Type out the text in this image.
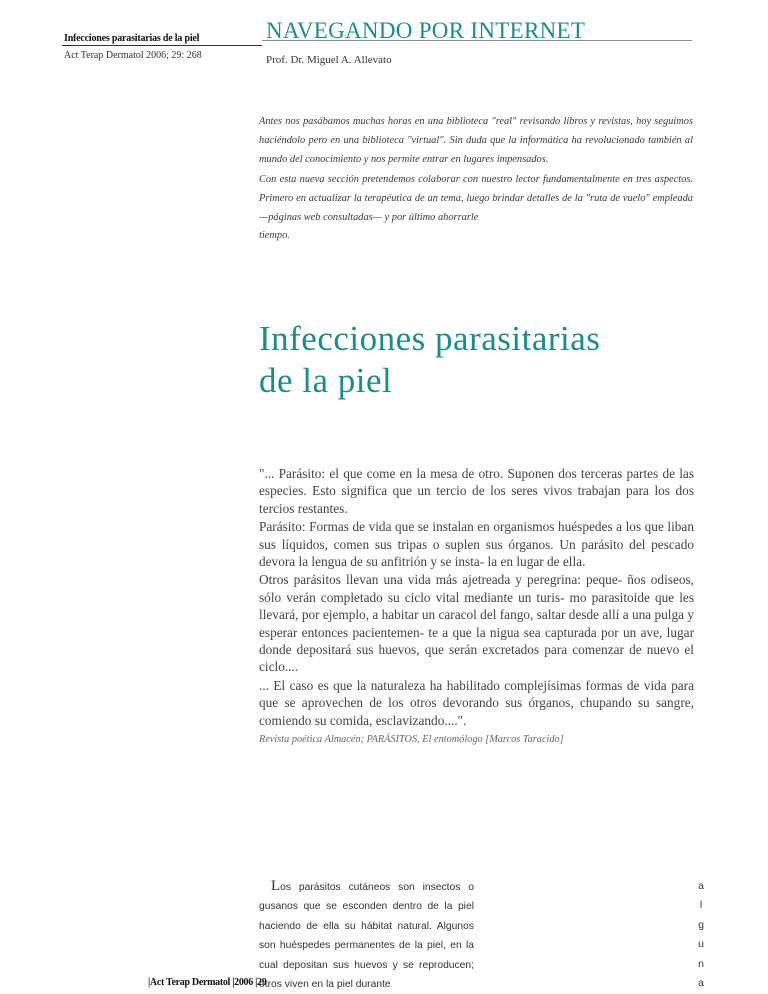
Infecciones parasitarias de la piel
Act Terap Dermatol 2006; 29: 268
NAVEGANDO POR INTERNET
Prof. Dr. Miguel A. Allevato

Antes nos pasábamos muchas horas en una biblioteca "real" revisando libros y revistas, hoy seguimos haciéndolo pero en una biblioteca "virtual". Sin duda que la informática ha revolucionado también al mundo del conocimiento y nos permite entrar en lugares impensados.

Con esta nueva sección pretendemos colaborar con nuestro lector fundamentalmente en tres aspectos. Primero en actualizar la terapéutica de un tema, luego brindar detalles de la "ruta de vuelo" empleada —páginas web consultadas— y por último ahorrarle

tiempo.

Infecciones parasitarias
de la piel

"... Parásito: el que come en la mesa de otro. Suponen dos terceras partes de las especies. Esto significa que un tercio de los seres vivos trabajan para los dos tercios restantes.

Parásito: Formas de vida que se instalan en organismos huéspedes a los que liban sus líquidos, comen sus tripas o suplen sus órganos. Un parásito del pescado devora la lengua de su anfitrión y se insta- la en lugar de ella.

Otros parásitos llevan una vida más ajetreada y peregrina: peque- ños odiseos, sólo verán completado su ciclo vital mediante un turis- mo parasitoide que les llevará, por ejemplo, a habitar un caracol del fango, saltar desde allí a una pulga y esperar entonces pacientemen- te a que la nigua sea capturada por un ave, lugar donde depositará sus huevos, que serán excretados para comenzar de nuevo el ciclo....

... El caso es que la naturaleza ha habilitado complejísimas formas de vida para que se aprovechen de los otros devorando sus órganos, chupando su sangre, comiendo su comida, esclavizando....".

Revista poética Almacén; PARÁSITOS, El entomólogo [Marcos Taracido]

Los parásitos cutáneos son insectos o gusanos que se esconden dentro de la piel haciendo de ella su hábitat natural. Algunos son huéspedes permanentes de la piel, en la cual depositan sus huevos y se reproducen; otros viven en la piel durante

a
l
g
u
n
a
|Act Terap Dermatol |2006 |29
